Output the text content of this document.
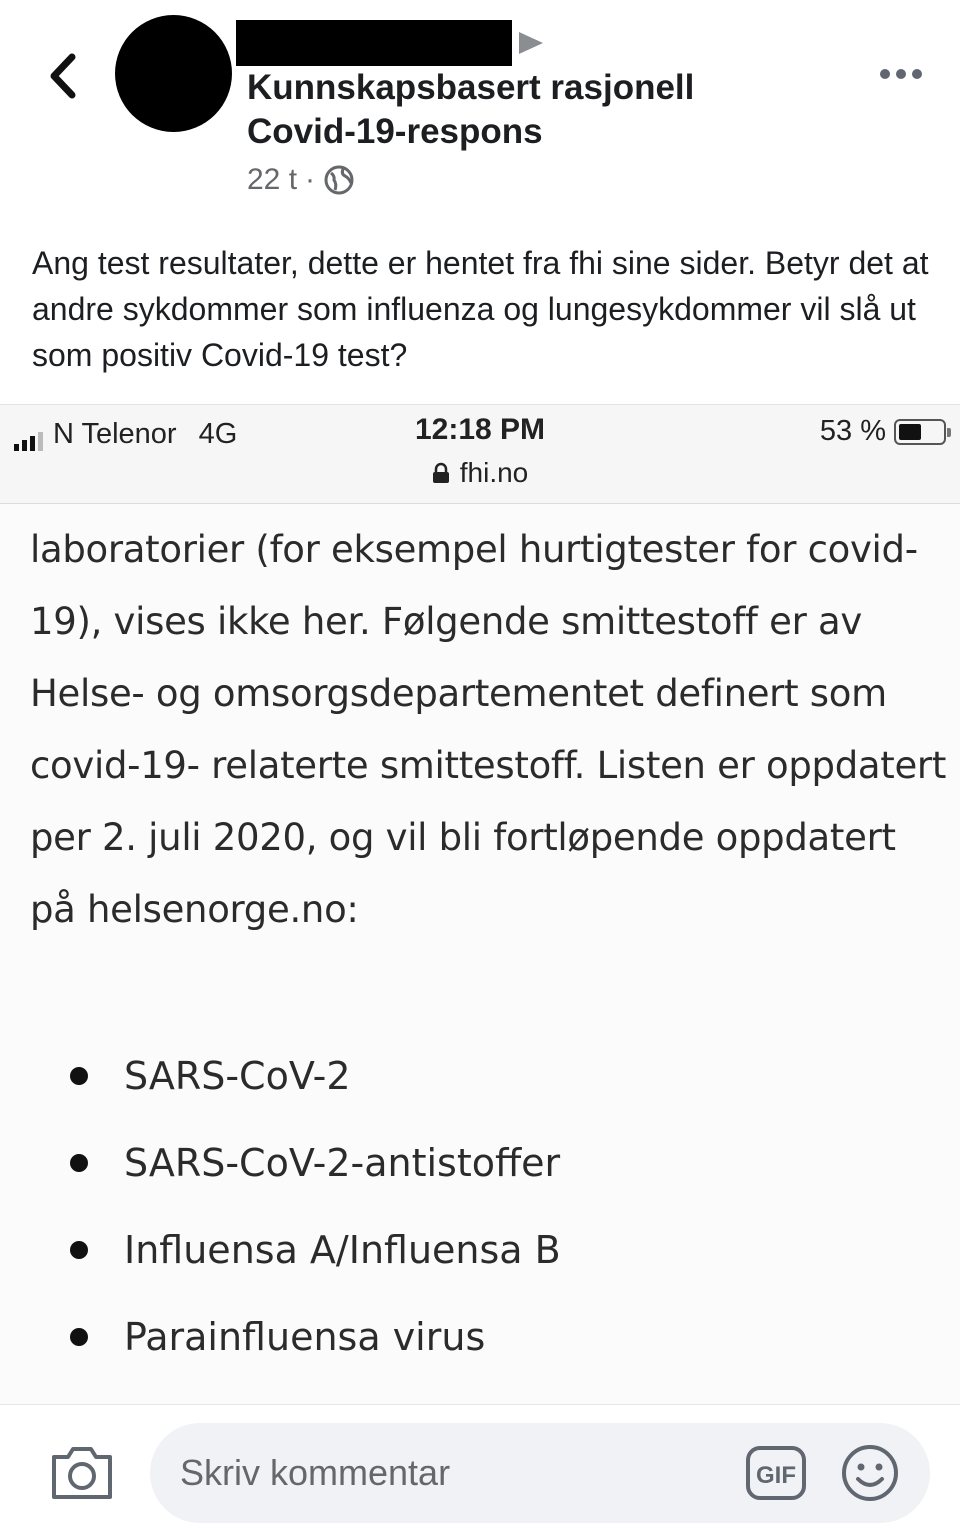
Kunnskapsbasert rasjonell Covid-19-respons
22 t ·
Ang test resultater, dette er hentet fra fhi sine sider. Betyr det at andre sykdommer som influenza og lungesykdommer vil slå ut som positiv Covid-19 test?
N Telenor 4G	12:18 PM	53 %
fhi.no
laboratorier (for eksempel hurtigtester for covid-19), vises ikke her. Følgende smittestoff er av Helse- og omsorgsdepartementet definert som covid-19- relaterte smittestoff. Listen er oppdatert per 2. juli 2020, og vil bli fortløpende oppdatert på helsenorge.no:
SARS-CoV-2
SARS-CoV-2-antistoffer
Influensa A/Influensa B
Parainfluensa virus
Skriv kommentar
GIF
